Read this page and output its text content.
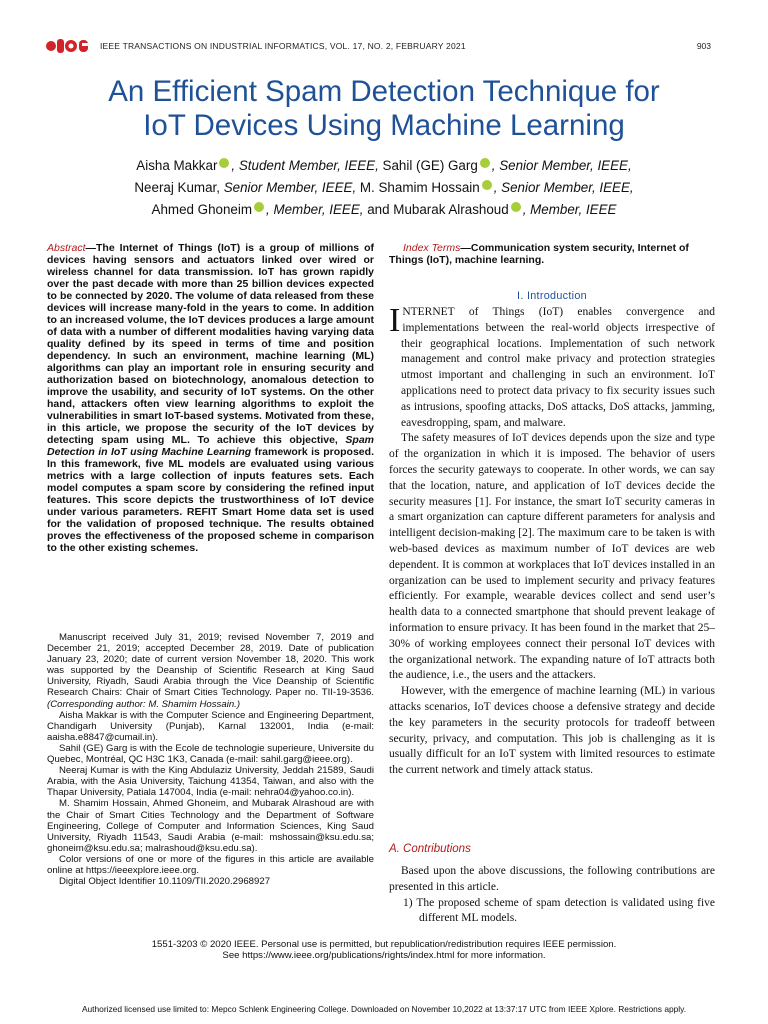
IEEE TRANSACTIONS ON INDUSTRIAL INFORMATICS, VOL. 17, NO. 2, FEBRUARY 2021	903
An Efficient Spam Detection Technique for
IoT Devices Using Machine Learning
Aisha Makkar , Student Member, IEEE, Sahil (GE) Garg , Senior Member, IEEE,
Neeraj Kumar, Senior Member, IEEE, M. Shamim Hossain , Senior Member, IEEE,
Ahmed Ghoneim , Member, IEEE, and Mubarak Alrashoud , Member, IEEE
Abstract—The Internet of Things (IoT) is a group of millions of devices having sensors and actuators linked over wired or wireless channel for data transmission. IoT has grown rapidly over the past decade with more than 25 billion devices expected to be connected by 2020. The volume of data released from these devices will increase many-fold in the years to come. In addition to an increased volume, the IoT devices produces a large amount of data with a number of different modalities having varying data quality defined by its speed in terms of time and position dependency. In such an environment, machine learning (ML) algorithms can play an important role in ensuring security and authorization based on biotechnology, anomalous detection to improve the usability, and security of IoT systems. On the other hand, attackers often view learning algorithms to exploit the vulnerabilities in smart IoT-based systems. Motivated from these, in this article, we propose the security of the IoT devices by detecting spam using ML. To achieve this objective, Spam Detection in IoT using Machine Learning framework is proposed. In this framework, five ML models are evaluated using various metrics with a large collection of inputs features sets. Each model computes a spam score by considering the refined input features. This score depicts the trustworthiness of IoT device under various parameters. REFIT Smart Home data set is used for the validation of proposed technique. The results obtained proves the effectiveness of the proposed scheme in comparison to the other existing schemes.
Index Terms—Communication system security, Internet of Things (IoT), machine learning.
I. Introduction

INTERNET of Things (IoT) enables convergence and implementations between the real-world objects irrespective of their geographical locations. Implementation of such network management and control make privacy and protection strategies utmost important and challenging in such an environment. IoT applications need to protect data privacy to fix security issues such as intrusions, spoofing attacks, DoS attacks, DoS attacks, jamming, eavesdropping, spam, and malware.

The safety measures of IoT devices depends upon the size and type of the organization in which it is imposed. The behavior of users forces the security gateways to cooperate. In other words, we can say that the location, nature, and application of IoT devices decide the security measures [1]. For instance, the smart IoT security cameras in a smart organization can capture different parameters for analysis and intelligent decision-making [2]. The maximum care to be taken is with web-based devices as maximum number of IoT devices are web dependent. It is common at workplaces that IoT devices installed in an organization can be used to implement security and privacy features efficiently. For example, wearable devices collect and send user’s health data to a connected smartphone that should prevent leakage of information to ensure privacy. It has been found in the market that 25–30% of working employees connect their personal IoT devices with the organizational network. The expanding nature of IoT attracts both the audience, i.e., the users and the attackers.

However, with the emergence of machine learning (ML) in various attacks scenarios, IoT devices choose a defensive strategy and decide the key parameters in the security protocols for tradeoff between security, privacy, and computation. This job is challenging as it is usually difficult for an IoT system with limited resources to estimate the current network and timely attack status.

A. Contributions

Based upon the above discussions, the following contributions are presented in this article.

1) The proposed scheme of spam detection is validated using five different ML models.

Manuscript received July 31, 2019; revised November 7, 2019 and December 21, 2019; accepted December 28, 2019. Date of publication January 23, 2020; date of current version November 18, 2020. This work was supported by the Deanship of Scientific Research at King Saud University, Riyadh, Saudi Arabia through the Vice Deanship of Scientific Research Chairs: Chair of Smart Cities Technology. Paper no. TII-19-3536. (Corresponding author: M. Shamim Hossain.)

Aisha Makkar is with the Computer Science and Engineering Department, Chandigarh University (Punjab), Karnal 132001, India (e-mail: aaisha.e8847@cumail.in).

Sahil (GE) Garg is with the Ecole de technologie superieure, Universite du Quebec, Montréal, QC H3C 1K3, Canada (e-mail: sahil.garg@ieee.org).

Neeraj Kumar is with the King Abdulaziz University, Jeddah 21589, Saudi Arabia, with the Asia University, Taichung 41354, Taiwan, and also with the Thapar University, Patiala 147004, India (e-mail: nehra04@yahoo.co.in).

M. Shamim Hossain, Ahmed Ghoneim, and Mubarak Alrashoud are with the Chair of Smart Cities Technology and the Department of Software Engineering, College of Computer and Information Sciences, King Saud University, Riyadh 11543, Saudi Arabia (e-mail: mshossain@ksu.edu.sa; ghoneim@ksu.edu.sa; malrashoud@ksu.edu.sa).

Color versions of one or more of the figures in this article are available online at https://ieeexplore.ieee.org.

Digital Object Identifier 10.1109/TII.2020.2968927

1551-3203 © 2020 IEEE. Personal use is permitted, but republication/redistribution requires IEEE permission.
See https://www.ieee.org/publications/rights/index.html for more information.
Authorized licensed use limited to: Mepco Schlenk Engineering College. Downloaded on November 10,2022 at 13:37:17 UTC from IEEE Xplore. Restrictions apply.
